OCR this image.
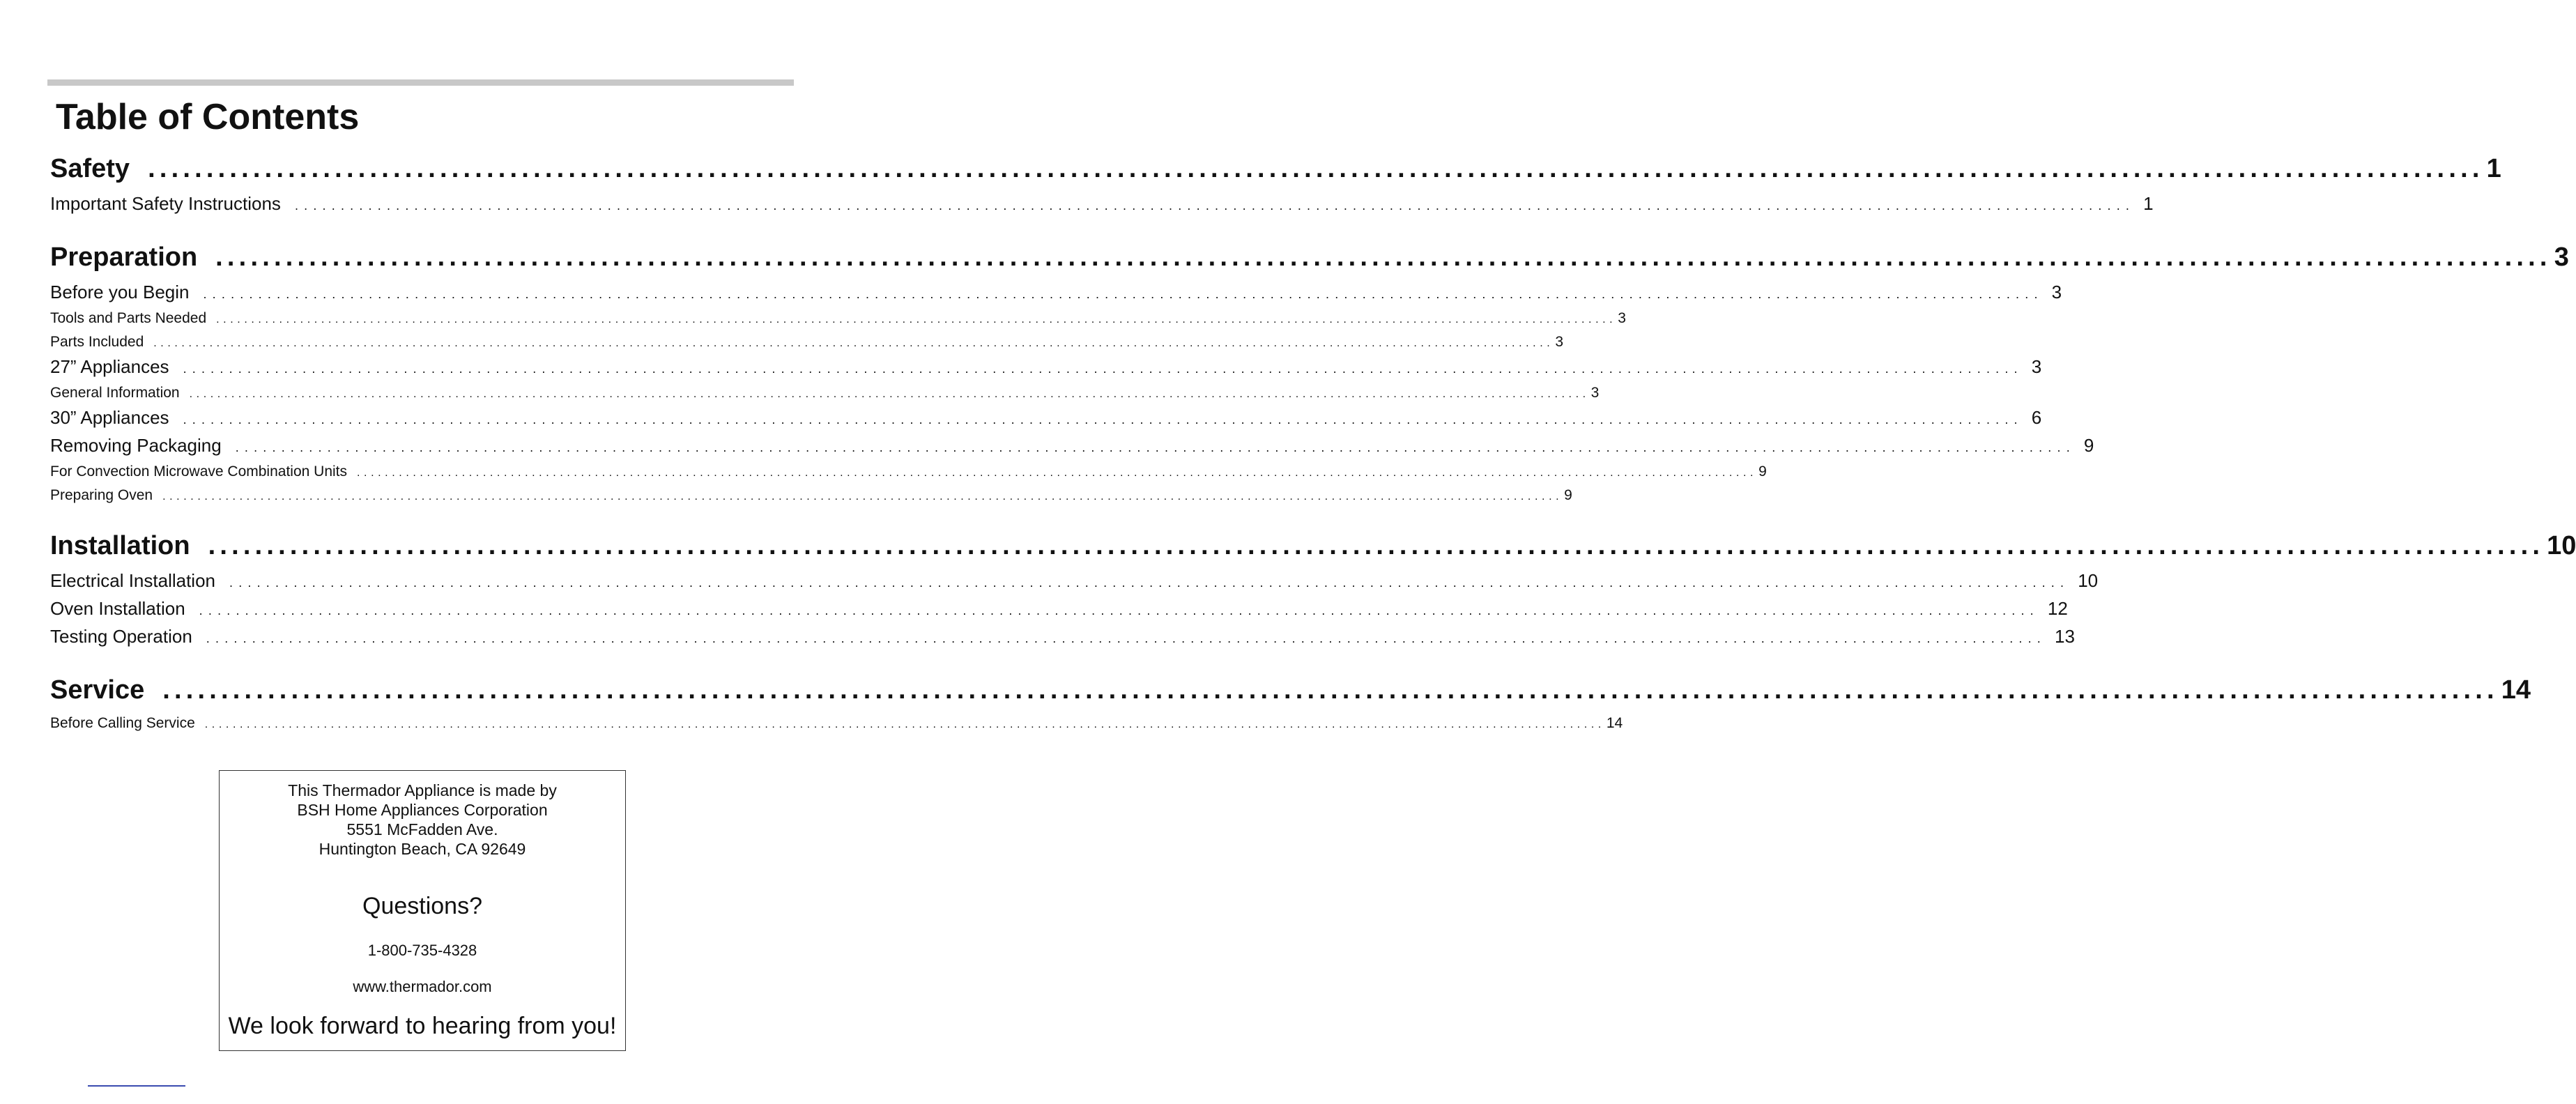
Table of Contents
Safety ........................................................................................................................................................................................................ 1
Important Safety Instructions	........................................................................................................................................................................................................ 1
Preparation ........................................................................................................................................................................................................ 3
Before you Begin	........................................................................................................................................................................................................ 3
Tools and Parts Needed ........................................................................................................................................................................................................ 3
Parts Included ........................................................................................................................................................................................................ 3
27” Appliances	........................................................................................................................................................................................................ 3
General Information ........................................................................................................................................................................................................ 3
30” Appliances	........................................................................................................................................................................................................ 6
Removing Packaging	........................................................................................................................................................................................................ 9
For Convection Microwave Combination Units ........................................................................................................................................................................................................ 9
Preparing Oven ........................................................................................................................................................................................................ 9
Installation ........................................................................................................................................................................................................ 10
Electrical Installation	........................................................................................................................................................................................................ 10
Oven Installation	........................................................................................................................................................................................................ 12
Testing Operation	........................................................................................................................................................................................................ 13
Service ........................................................................................................................................................................................................ 14
Before Calling Service ........................................................................................................................................................................................................ 14
This Thermador Appliance is made by
BSH Home Appliances Corporation
5551 McFadden Ave.
Huntington Beach, CA 92649
Questions?
1-800-735-4328
www.thermador.com
We look forward to hearing from you!
